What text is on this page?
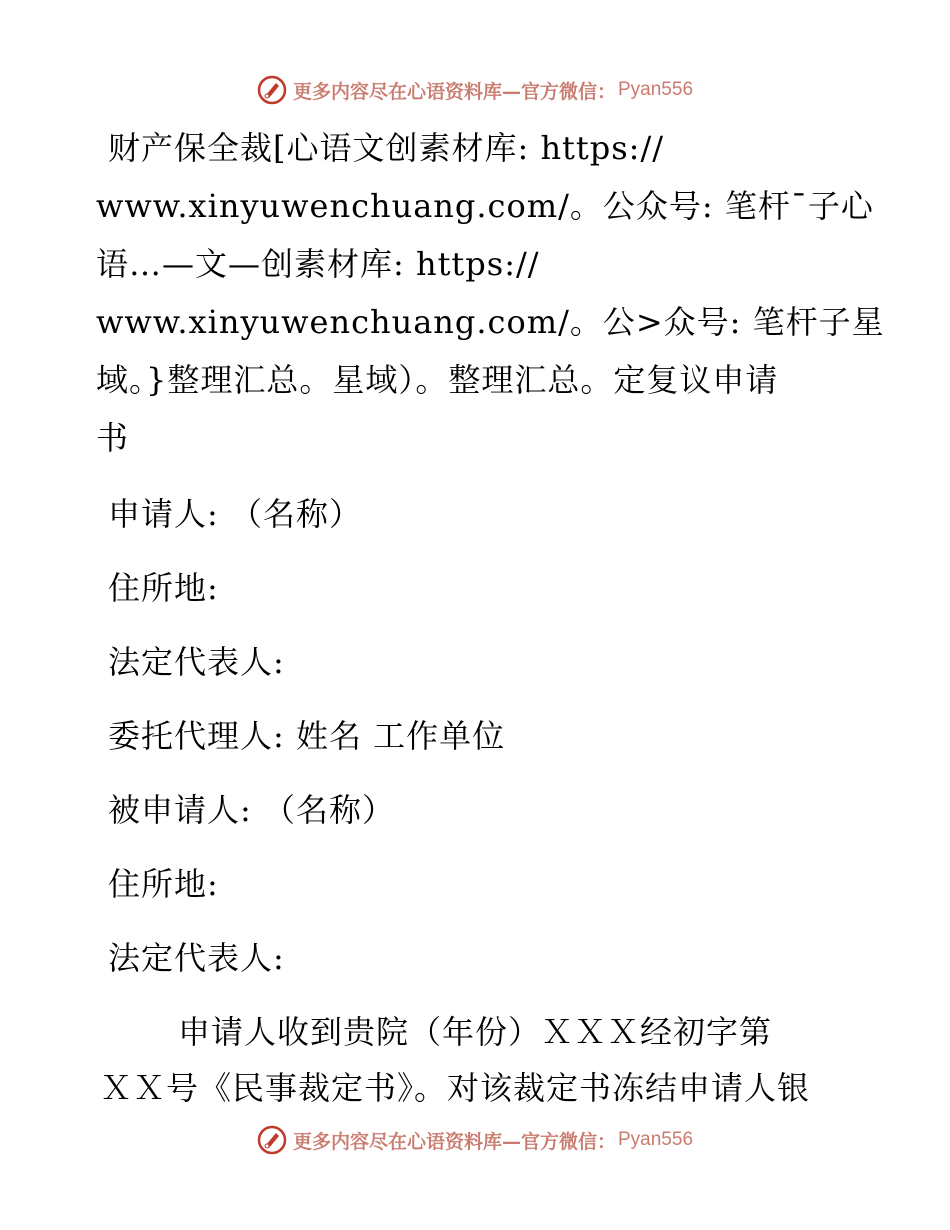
更多内容尽在心语资料库—官方微信： Pyan556
财产保全裁[心语文创素材库: https://
www.xinyuwenchuang.com/。公众号: 笔杆¯子心
语…—文—创素材库: https://
www.xinyuwenchuang.com/。公>众号: 笔杆子星
域。}整理汇总。星域）。整理汇总。定复议申请
书
申请人: （名称）
住所地:
法定代表人:
委托代理人: 姓名 工作单位
被申请人: （名称）
住所地:
法定代表人:
申请人收到贵院（年份）ＸＸＸ经初字第
ＸＸ号《民事裁定书》。对该裁定书冻结申请人银
更多内容尽在心语资料库—官方微信： Pyan556
